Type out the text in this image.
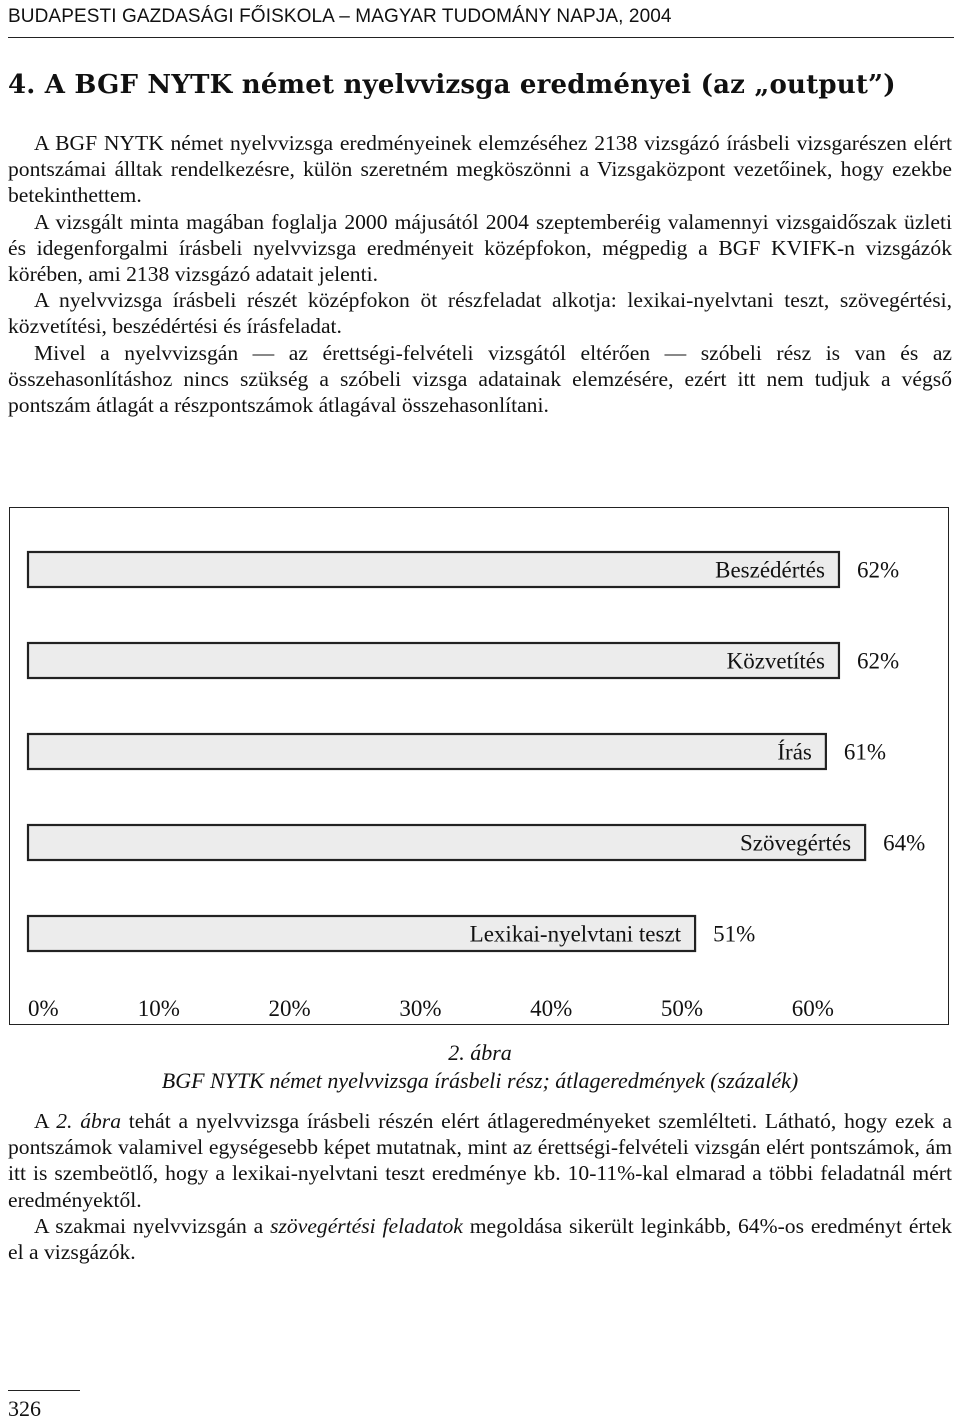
BUDAPESTI GAZDASÁGI FŐISKOLA – MAGYAR TUDOMÁNY NAPJA, 2004
4. A BGF NYTK német nyelvvizsga eredményei (az „output”)

A BGF NYTK német nyelvvizsga eredményeinek elemzéséhez 2138 vizsgázó írásbeli vizsgarészen elért pontszámai álltak rendelkezésre, külön szeretném megköszönni a Vizsgaközpont vezetőinek, hogy ezekbe betekinthettem.

A vizsgált minta magában foglalja 2000 májusától 2004 szeptemberéig valamennyi vizsgaidőszak üzleti és idegenforgalmi írásbeli nyelvvizsga eredményeit középfokon, mégpedig a BGF KVIFK-n vizsgázók körében, ami 2138 vizsgázó adatait jelenti.

A nyelvvizsga írásbeli részét középfokon öt részfeladat alkotja: lexikai-nyelvtani teszt, szövegértési, közvetítési, beszédértési és írásfeladat.

Mivel a nyelvvizsgán — az érettségi-felvételi vizsgától eltérően — szóbeli rész is van és az összehasonlításhoz nincs szükség a szóbeli vizsga adatainak elemzésére, ezért itt nem tudjuk a végső pontszám átlagát a részpontszámok átlagával összehasonlítani.

Beszédértés 62%
Közvetítés 62%
Írás 61%
Szövegértés 64%
Lexikai-nyelvtani teszt 51%
0%	10%	20%	30%	40%	50%	60%
2. ábra
BGF NYTK német nyelvvizsga írásbeli rész; átlageredmények (százalék)

A 2. ábra tehát a nyelvvizsga írásbeli részén elért átlageredményeket szemlélteti. Látható, hogy ezek a pontszámok valamivel egységesebb képet mutatnak, mint az érettségi-felvételi vizsgán elért pontszámok, ám itt is szembeötlő, hogy a lexikai-nyelvtani teszt eredménye kb. 10-11%-kal elmarad a többi feladatnál mért eredményektől.

A szakmai nyelvvizsgán a szövegértési feladatok megoldása sikerült leginkább, 64%-os eredményt értek el a vizsgázók.

326
